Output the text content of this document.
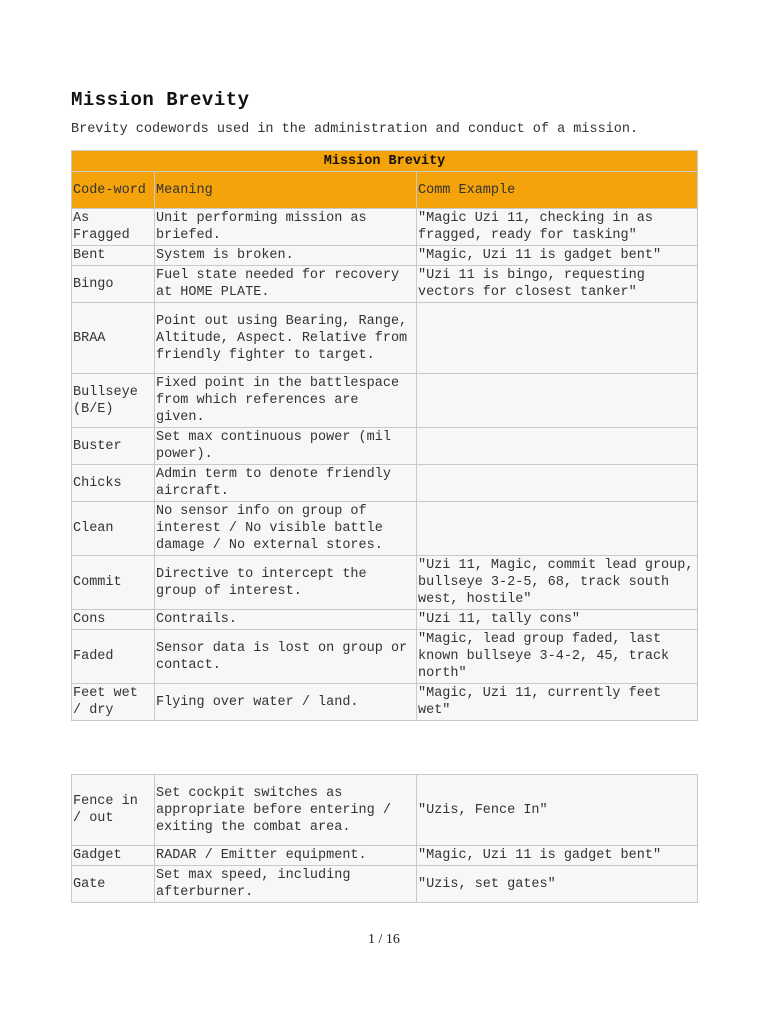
Mission Brevity

Brevity codewords used in the administration and conduct of a mission.

Mission Brevity		
Code-word	Meaning	Comm Example
As Fragged	Unit performing mission as briefed.	"Magic Uzi 11, checking in as fragged, ready for tasking"
Bent	System is broken.	"Magic, Uzi 11 is gadget bent"
Bingo	Fuel state needed for recovery at HOME PLATE.	"Uzi 11 is bingo, requesting vectors for closest tanker"
BRAA	Point out using Bearing, Range, Altitude, Aspect. Relative from friendly fighter to target.	
Bullseye (B/E)	Fixed point in the battlespace from which references are given.	
Buster	Set max continuous power (mil power).	
Chicks	Admin term to denote friendly aircraft.	
Clean	No sensor info on group of interest / No visible battle damage / No external stores.	
Commit	Directive to intercept the group of interest.	"Uzi 11, Magic, commit lead group, bullseye 3-2-5, 68, track south west, hostile"
Cons	Contrails.	"Uzi 11, tally cons"
Faded	Sensor data is lost on group or contact.	"Magic, lead group faded, last known bullseye 3-4-2, 45, track north"
Feet wet / dry	Flying over water / land.	"Magic, Uzi 11, currently feet wet"
Fence in / out	Set cockpit switches as appropriate before entering / exiting the combat area.	"Uzis, Fence In"
Gadget	RADAR / Emitter equipment.	"Magic, Uzi 11 is gadget bent"
Gate	Set max speed, including afterburner.	"Uzis, set gates"
1 / 16
